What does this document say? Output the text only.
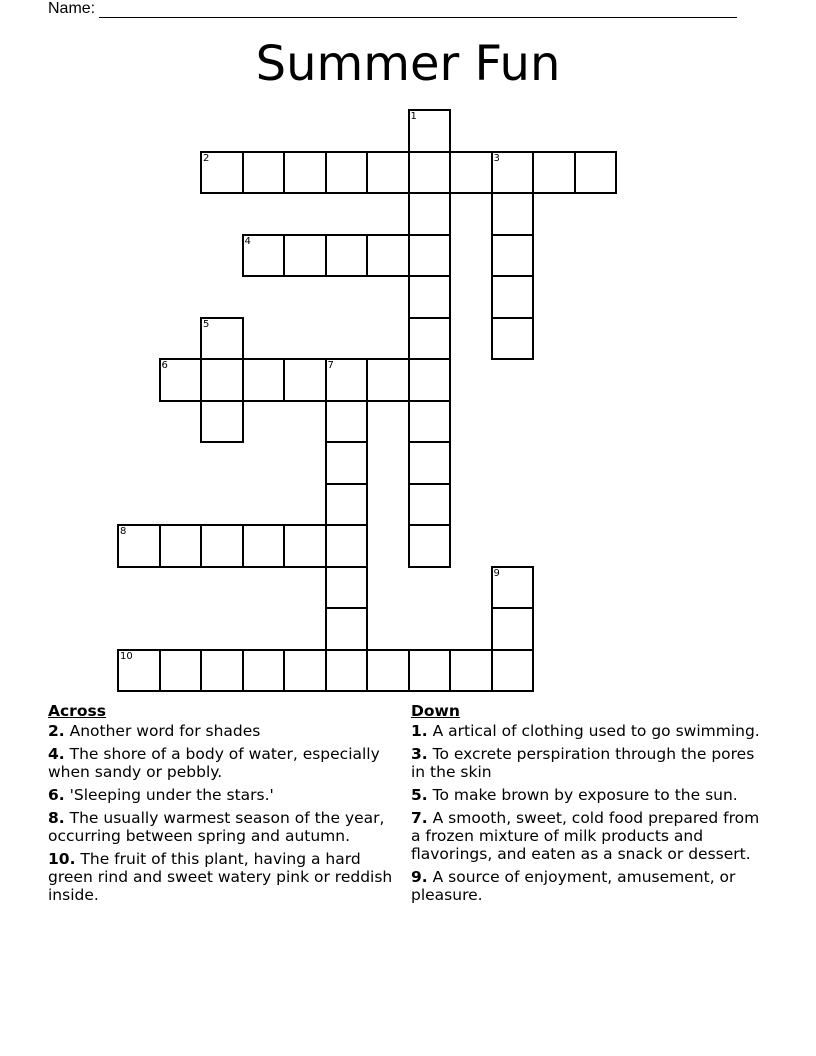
Name:
Summer Fun
1
2	3
4
5
6	7
8
9
10
Across
2. Another word for shades
4. The shore of a body of water, especially when sandy or pebbly.
6. 'Sleeping under the stars.'
8. The usually warmest season of the year, occurring between spring and autumn.
10. The fruit of this plant, having a hard green rind and sweet watery pink or reddish inside.
Down
1. A artical of clothing used to go swimming.
3. To excrete perspiration through the pores in the skin
5. To make brown by exposure to the sun.
7. A smooth, sweet, cold food prepared from a frozen mixture of milk products and flavorings, and eaten as a snack or dessert.
9. A source of enjoyment, amusement, or pleasure.
